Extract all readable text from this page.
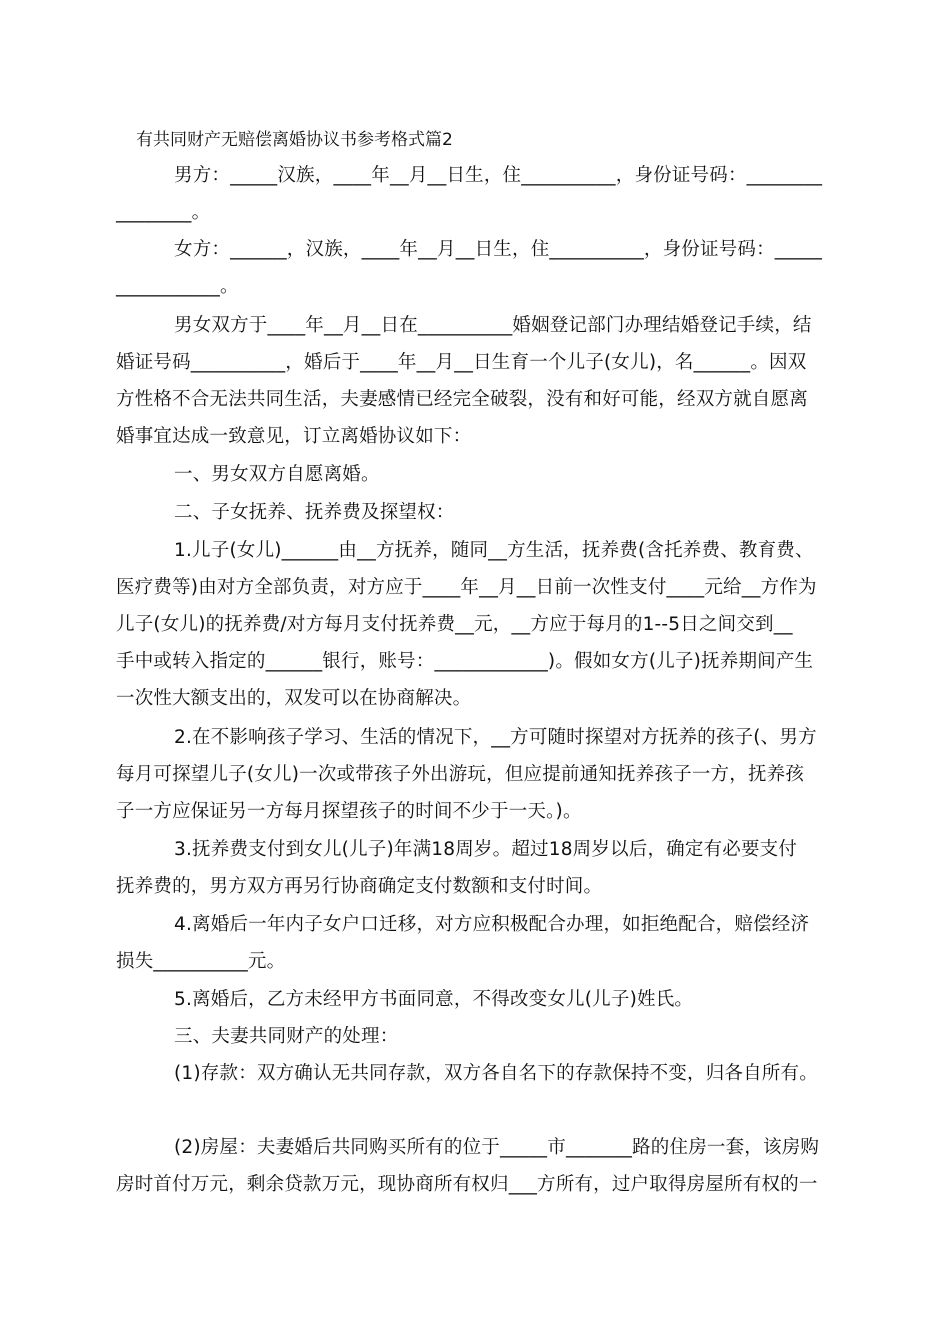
有共同财产无赔偿离婚协议书参考格式篇2
男方：_____汉族，____年__月__日生，住__________，身份证号码：________
________。
女方：______，汉族，____年__月__日生，住__________，身份证号码：_____
___________。
男女双方于____年__月__日在__________婚姻登记部门办理结婚登记手续，结
婚证号码__________，婚后于____年__月__日生育一个儿子(女儿)，名______。因双
方性格不合无法共同生活，夫妻感情已经完全破裂，没有和好可能，经双方就自愿离
婚事宜达成一致意见，订立离婚协议如下：
一、男女双方自愿离婚。
二、子女抚养、抚养费及探望权：
1.儿子(女儿)______由__方抚养，随同__方生活，抚养费(含托养费、教育费、
医疗费等)由对方全部负责，对方应于____年__月__日前一次性支付____元给__方作为
儿子(女儿)的抚养费/对方每月支付抚养费__元，__方应于每月的1--5日之间交到__
手中或转入指定的______银行，账号：____________)。假如女方(儿子)抚养期间产生
一次性大额支出的，双发可以在协商解决。
2.在不影响孩子学习、生活的情况下，__方可随时探望对方抚养的孩子(、男方
每月可探望儿子(女儿)一次或带孩子外出游玩，但应提前通知抚养孩子一方，抚养孩
子一方应保证另一方每月探望孩子的时间不少于一天。)。
3.抚养费支付到女儿(儿子)年满18周岁。超过18周岁以后，确定有必要支付
抚养费的，男方双方再另行协商确定支付数额和支付时间。
4.离婚后一年内子女户口迁移，对方应积极配合办理，如拒绝配合，赔偿经济
损失__________元。
5.离婚后，乙方未经甲方书面同意，不得改变女儿(儿子)姓氏。
三、夫妻共同财产的处理：
(1)存款：双方确认无共同存款，双方各自名下的存款保持不变，归各自所有。
(2)房屋：夫妻婚后共同购买所有的位于_____市_______路的住房一套，该房购
房时首付万元，剩余贷款万元，现协商所有权归___方所有，过户取得房屋所有权的一
